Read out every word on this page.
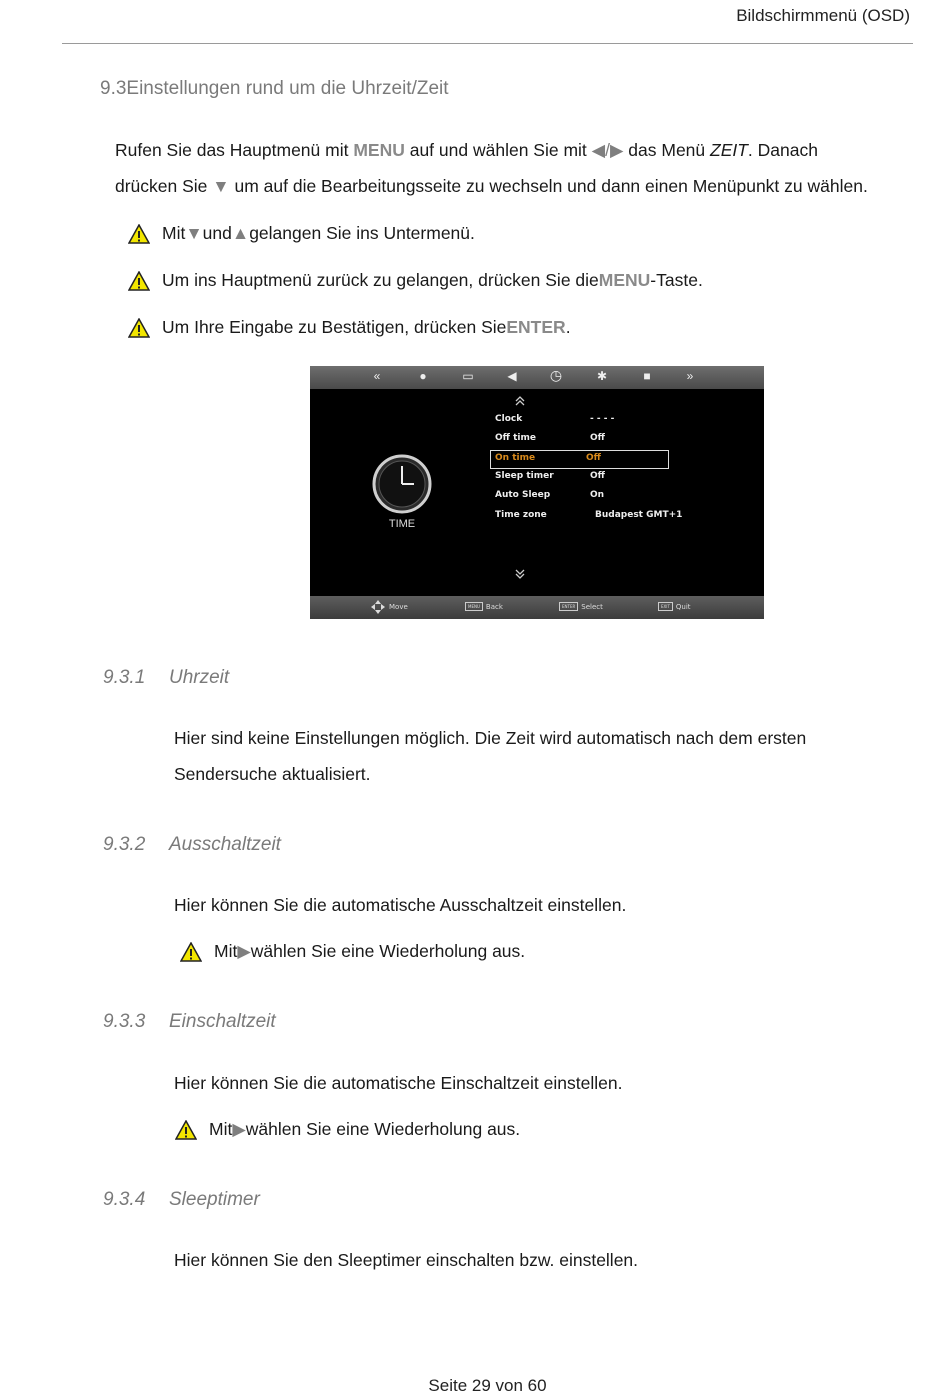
Bildschirmmenü (OSD)
9.3Einstellungen rund um die Uhrzeit/Zeit
Rufen Sie das Hauptmenü mit MENU auf und wählen Sie mit ◀/▶ das Menü ZEIT. Danach
drücken Sie ▼ um auf die Bearbeitungsseite zu wechseln und dann einen Menüpunkt zu wählen.
Mit ▼ und ▲ gelangen Sie ins Untermenü.
Um ins Hauptmenü zurück zu gelangen, drücken Sie die MENU -Taste.
Um Ihre Eingabe zu Bestätigen, drücken Sie ENTER .
«	●	▭	◀	◷	✱	■	»
TIME
Clock	- - - -
Off time	Off
On time	Off
Sleep timer	Off
Auto Sleep	On
Time zone	Budapest GMT+1
Move	MENU Back	ENTER Select	EXIT Quit
9.3.1 Uhrzeit
Hier sind keine Einstellungen möglich. Die Zeit wird automatisch nach dem ersten
Sendersuche aktualisiert.
9.3.2 Ausschaltzeit
Hier können Sie die automatische Ausschaltzeit einstellen.
Mit ▶ wählen Sie eine Wiederholung aus.
9.3.3 Einschaltzeit
Hier können Sie die automatische Einschaltzeit einstellen.
Mit ▶ wählen Sie eine Wiederholung aus.
9.3.4 Sleeptimer
Hier können Sie den Sleeptimer einschalten bzw. einstellen.
Seite 29 von 60
